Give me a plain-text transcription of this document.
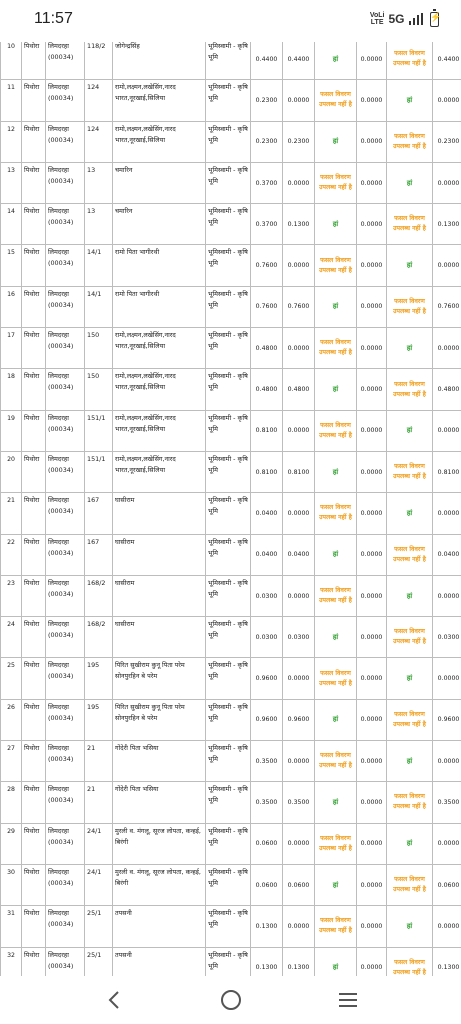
11:57	VoLi
LTE 5G
⚡
10	पिथोरा	लिमदरहा (00034)	118/2	जोगेन्द्रसिंह	भूमिस्वामी - कृषि भूमि	0.4400	0.4400	हां	0.0000	फसल विवरण उपलब्ध नहीं है	0.4400
11	पिथोरा	लिमदरहा (00034)	124	रामो,लक्ष्मन,लखेसिंग,नारद भारत,नूरखाई,सिलिया	भूमिस्वामी - कृषि भूमि	0.2300	0.0000	फसल विवरण उपलब्ध नहीं है	0.0000	हां	0.0000
12	पिथोरा	लिमदरहा (00034)	124	रामो,लक्ष्मन,लखेसिंग,नारद भारत,नूरखाई,सिलिया	भूमिस्वामी - कृषि भूमि	0.2300	0.2300	हां	0.0000	फसल विवरण उपलब्ध नहीं है	0.2300
13	पिथोरा	लिमदरहा (00034)	13	चमारिन	भूमिस्वामी - कृषि भूमि	0.3700	0.0000	फसल विवरण उपलब्ध नहीं है	0.0000	हां	0.0000
14	पिथोरा	लिमदरहा (00034)	13	चमारिन	भूमिस्वामी - कृषि भूमि	0.3700	0.1300	हां	0.0000	फसल विवरण उपलब्ध नहीं है	0.1300
15	पिथोरा	लिमदरहा (00034)	14/1	रामो पिता भागीरथी	भूमिस्वामी - कृषि भूमि	0.7600	0.0000	फसल विवरण उपलब्ध नहीं है	0.0000	हां	0.0000
16	पिथोरा	लिमदरहा (00034)	14/1	रामो पिता भागीरथी	भूमिस्वामी - कृषि भूमि	0.7600	0.7600	हां	0.0000	फसल विवरण उपलब्ध नहीं है	0.7600
17	पिथोरा	लिमदरहा (00034)	150	रामो,लक्ष्मन,लखेसिंग,नारद भारत,नूरखाई,सिलिया	भूमिस्वामी - कृषि भूमि	0.4800	0.0000	फसल विवरण उपलब्ध नहीं है	0.0000	हां	0.0000
18	पिथोरा	लिमदरहा (00034)	150	रामो,लक्ष्मन,लखेसिंग,नारद भारत,नूरखाई,सिलिया	भूमिस्वामी - कृषि भूमि	0.4800	0.4800	हां	0.0000	फसल विवरण उपलब्ध नहीं है	0.4800
19	पिथोरा	लिमदरहा (00034)	151/1	रामो,लक्ष्मन,लखेसिंग,नारद भारत,नूरखाई,सिलिया	भूमिस्वामी - कृषि भूमि	0.8100	0.0000	फसल विवरण उपलब्ध नहीं है	0.0000	हां	0.0000
20	पिथोरा	लिमदरहा (00034)	151/1	रामो,लक्ष्मन,लखेसिंग,नारद भारत,नूरखाई,सिलिया	भूमिस्वामी - कृषि भूमि	0.8100	0.8100	हां	0.0000	फसल विवरण उपलब्ध नहीं है	0.8100
21	पिथोरा	लिमदरहा (00034)	167	घासीराम	भूमिस्वामी - कृषि भूमि	0.0400	0.0000	फसल विवरण उपलब्ध नहीं है	0.0000	हां	0.0000
22	पिथोरा	लिमदरहा (00034)	167	घासीराम	भूमिस्वामी - कृषि भूमि	0.0400	0.0400	हां	0.0000	फसल विवरण उपलब्ध नहीं है	0.0400
23	पिथोरा	लिमदरहा (00034)	168/2	घासीराम	भूमिस्वामी - कृषि भूमि	0.0300	0.0000	फसल विवरण उपलब्ध नहीं है	0.0000	हां	0.0000
24	पिथोरा	लिमदरहा (00034)	168/2	घासीराम	भूमिस्वामी - कृषि भूमि	0.0300	0.0300	हां	0.0000	फसल विवरण उपलब्ध नहीं है	0.0300
25	पिथोरा	लिमदरहा (00034)	195	पिरित सुखीराम कुनू पिता परेम सोनपुरहिन बे परेम	भूमिस्वामी - कृषि भूमि	0.9600	0.0000	फसल विवरण उपलब्ध नहीं है	0.0000	हां	0.0000
26	पिथोरा	लिमदरहा (00034)	195	पिरित सुखीराम कुनू पिता परेम सोनपुरहिन बे परेम	भूमिस्वामी - कृषि भूमि	0.9600	0.9600	हां	0.0000	फसल विवरण उपलब्ध नहीं है	0.9600
27	पिथोरा	लिमदरहा (00034)	21	गोंदेरी पिता भसिया	भूमिस्वामी - कृषि भूमि	0.3500	0.0000	फसल विवरण उपलब्ध नहीं है	0.0000	हां	0.0000
28	पिथोरा	लिमदरहा (00034)	21	गोंदेरी पिता भसिया	भूमिस्वामी - कृषि भूमि	0.3500	0.3500	हां	0.0000	फसल विवरण उपलब्ध नहीं है	0.3500
29	पिथोरा	लिमदरहा (00034)	24/1	मुरली व. मंगलू, सूरज लोपता, कन्हई, बिरंगी	भूमिस्वामी - कृषि भूमि	0.0600	0.0000	फसल विवरण उपलब्ध नहीं है	0.0000	हां	0.0000
30	पिथोरा	लिमदरहा (00034)	24/1	मुरली व. मंगलू, सूरज लोपता, कन्हई, बिरंगी	भूमिस्वामी - कृषि भूमि	0.0600	0.0600	हां	0.0000	फसल विवरण उपलब्ध नहीं है	0.0600
31	पिथोरा	लिमदरहा (00034)	25/1	तपसनी	भूमिस्वामी - कृषि भूमि	0.1300	0.0000	फसल विवरण उपलब्ध नहीं है	0.0000	हां	0.0000
32	पिथोरा	लिमदरहा (00034)	25/1	तपसनी	भूमिस्वामी - कृषि भूमि	0.1300	0.1300	हां	0.0000	फसल विवरण उपलब्ध नहीं है	0.1300
